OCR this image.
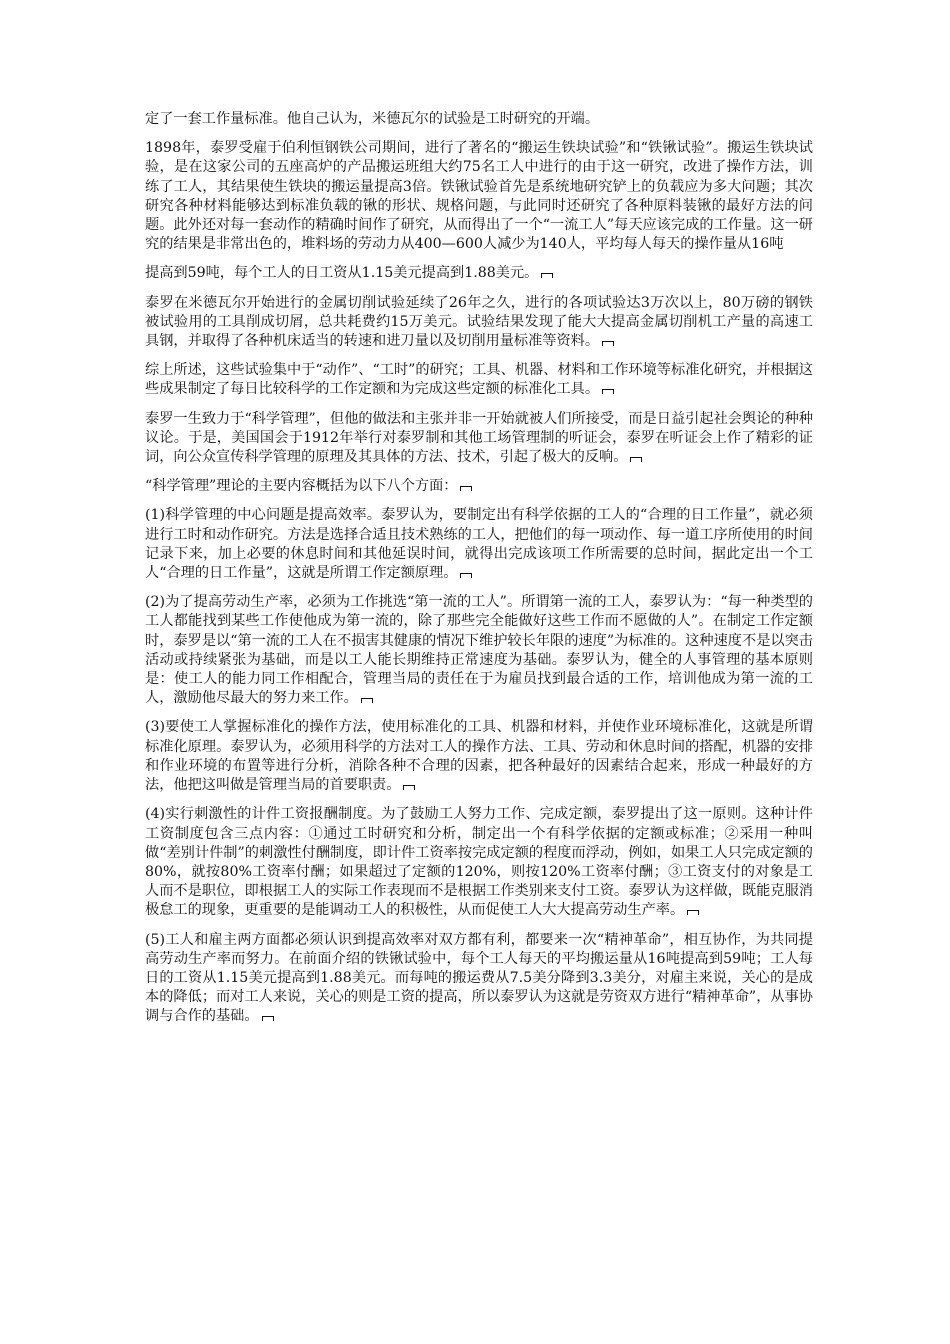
定了一套工作量标准。他自己认为，米德瓦尔的试验是工时研究的开端。

1898年，泰罗受雇于伯利恒钢铁公司期间，进行了著名的“搬运生铁块试验”和“铁锹试验”。搬运生铁块试验，是在这家公司的五座高炉的产品搬运班组大约75名工人中进行的由于这一研究，改进了操作方法，训练了工人，其结果使生铁块的搬运量提高3倍。铁锹试验首先是系统地研究铲上的负载应为多大问题；其次研究各种材料能够达到标准负载的锹的形状、规格问题，与此同时还研究了各种原料装锹的最好方法的问题。此外还对每一套动作的精确时间作了研究，从而得出了一个“一流工人”每天应该完成的工作量。这一研究的结果是非常出色的，堆料场的劳动力从400—600人减少为140人，平均每人每天的操作量从16吨

提高到59吨，每个工人的日工资从1.15美元提高到1.88美元。

泰罗在米德瓦尔开始进行的金属切削试验延续了26年之久，进行的各项试验达3万次以上，80万磅的钢铁被试验用的工具削成切屑，总共耗费约15万美元。试验结果发现了能大大提高金属切削机工产量的高速工具钢，并取得了各种机床适当的转速和进刀量以及切削用量标准等资料。

综上所述，这些试验集中于“动作”、“工时”的研究；工具、机器、材料和工作环境等标准化研究，并根据这些成果制定了每日比较科学的工作定额和为完成这些定额的标准化工具。

泰罗一生致力于“科学管理”，但他的做法和主张并非一开始就被人们所接受，而是日益引起社会舆论的种种议论。于是，美国国会于1912年举行对泰罗制和其他工场管理制的听证会，泰罗在听证会上作了精彩的证词，向公众宣传科学管理的原理及其具体的方法、技术，引起了极大的反响。

“科学管理”理论的主要内容概括为以下八个方面：

(1)科学管理的中心问题是提高效率。泰罗认为，要制定出有科学依据的工人的“合理的日工作量”，就必须进行工时和动作研究。方法是选择合适且技术熟练的工人，把他们的每一项动作、每一道工序所使用的时间记录下来，加上必要的休息时间和其他延误时间，就得出完成该项工作所需要的总时间，据此定出一个工人“合理的日工作量”，这就是所谓工作定额原理。

(2)为了提高劳动生产率，必须为工作挑选“第一流的工人”。所谓第一流的工人，泰罗认为：“每一种类型的工人都能找到某些工作使他成为第一流的，除了那些完全能做好这些工作而不愿做的人”。在制定工作定额时，泰罗是以“第一流的工人在不损害其健康的情况下维护较长年限的速度”为标准的。这种速度不是以突击活动或持续紧张为基础，而是以工人能长期维持正常速度为基础。泰罗认为，健全的人事管理的基本原则是：使工人的能力同工作相配合，管理当局的责任在于为雇员找到最合适的工作，培训他成为第一流的工人，激励他尽最大的努力来工作。

(3)要使工人掌握标准化的操作方法，使用标准化的工具、机器和材料，并使作业环境标准化，这就是所谓标准化原理。泰罗认为，必须用科学的方法对工人的操作方法、工具、劳动和休息时间的搭配，机器的安排和作业环境的布置等进行分析，消除各种不合理的因素，把各种最好的因素结合起来，形成一种最好的方法，他把这叫做是管理当局的首要职责。

(4)实行刺激性的计件工资报酬制度。为了鼓励工人努力工作、完成定额，泰罗提出了这一原则。这种计件工资制度包含三点内容：①通过工时研究和分析，制定出一个有科学依据的定额或标准；②采用一种叫做“差别计件制”的刺激性付酬制度，即计件工资率按完成定额的程度而浮动，例如，如果工人只完成定额的80%，就按80%工资率付酬；如果超过了定额的120%，则按120%工资率付酬；③工资支付的对象是工人而不是职位，即根据工人的实际工作表现而不是根据工作类别来支付工资。泰罗认为这样做，既能克服消极怠工的现象，更重要的是能调动工人的积极性，从而促使工人大大提高劳动生产率。

(5)工人和雇主两方面都必须认识到提高效率对双方都有利，都要来一次“精神革命”，相互协作，为共同提高劳动生产率而努力。在前面介绍的铁锹试验中，每个工人每天的平均搬运量从16吨提高到59吨；工人每日的工资从1.15美元提高到1.88美元。而每吨的搬运费从7.5美分降到3.3美分，对雇主来说，关心的是成本的降低；而对工人来说，关心的则是工资的提高，所以泰罗认为这就是劳资双方进行“精神革命”，从事协调与合作的基础。
